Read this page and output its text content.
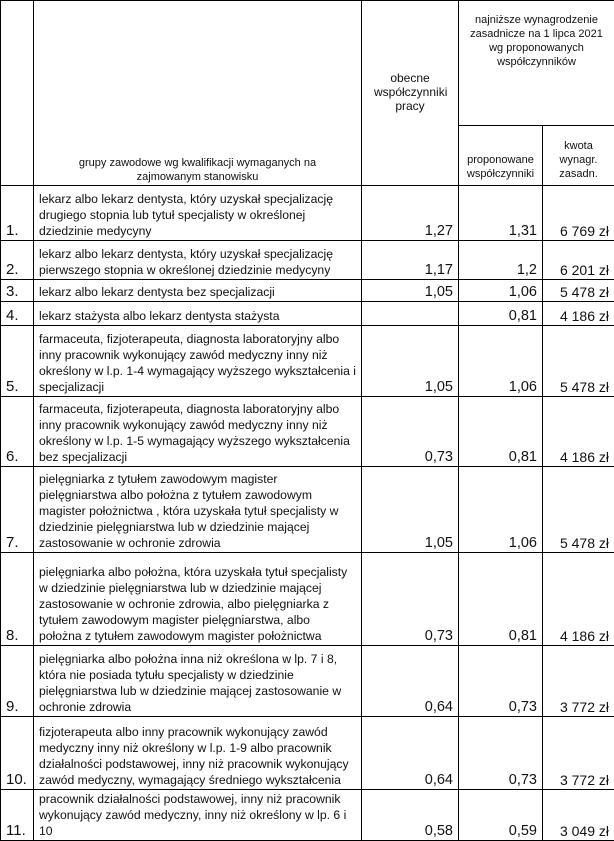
	grupy zawodowe wg kwalifikacji wymaganych na zajmowanym stanowisku	obecne współczynniki pracy	najniższe wynagrodzenie zasadnicze na 1 lipca 2021 wg proponowanych współczynników	
			proponowane współczynniki	kwota wynagr. zasadn.
1.	lekarz albo lekarz dentysta, który uzyskał specjalizację drugiego stopnia lub tytuł specjalisty w określonej dziedzinie medycyny	1,27	1,31	6 769 zł
2.	lekarz albo lekarz dentysta, który uzyskał specjalizację pierwszego stopnia w określonej dziedzinie medycyny	1,17	1,2	6 201 zł
3.	lekarz albo lekarz dentysta bez specjalizacji	1,05	1,06	5 478 zł
4.	lekarz stażysta albo lekarz dentysta stażysta		0,81	4 186 zł
5.	farmaceuta, fizjoterapeuta, diagnosta laboratoryjny albo inny pracownik wykonujący zawód medyczny inny niż określony w l.p. 1-4 wymagający wyższego wykształcenia i specjalizacji	1,05	1,06	5 478 zł
6.	farmaceuta, fizjoterapeuta, diagnosta laboratoryjny albo inny pracownik wykonujący zawód medyczny inny niż określony w l.p. 1-5 wymagający wyższego wykształcenia bez specjalizacji	0,73	0,81	4 186 zł
7.	pielęgniarka z tytułem zawodowym magister pielęgniarstwa albo położna z tytułem zawodowym magister położnictwa , która uzyskała tytuł specjalisty w dziedzinie pielęgniarstwa lub w dziedzinie mającej zastosowanie w ochronie zdrowia	1,05	1,06	5 478 zł
8.	pielęgniarka albo położna, która uzyskała tytuł specjalisty w dziedzinie pielęgniarstwa lub w dziedzinie mającej zastosowanie w ochronie zdrowia, albo pielęgniarka z tytułem zawodowym magister pielęgniarstwa, albo położna z tytułem zawodowym magister położnictwa	0,73	0,81	4 186 zł
9.	pielęgniarka albo położna inna niż określona w lp. 7 i 8, która nie posiada tytułu specjalisty w dziedzinie pielęgniarstwa lub w dziedzinie mającej zastosowanie w ochronie zdrowia	0,64	0,73	3 772 zł
10.	fizjoterapeuta albo inny pracownik wykonujący zawód medyczny inny niż określony w l.p. 1-9 albo pracownik działalności podstawowej, inny niż pracownik wykonujący zawód medyczny, wymagający średniego wykształcenia	0,64	0,73	3 772 zł
11.	pracownik działalności podstawowej, inny niż pracownik wykonujący zawód medyczny, inny niż określony w lp. 6 i 10	0,58	0,59	3 049 zł
